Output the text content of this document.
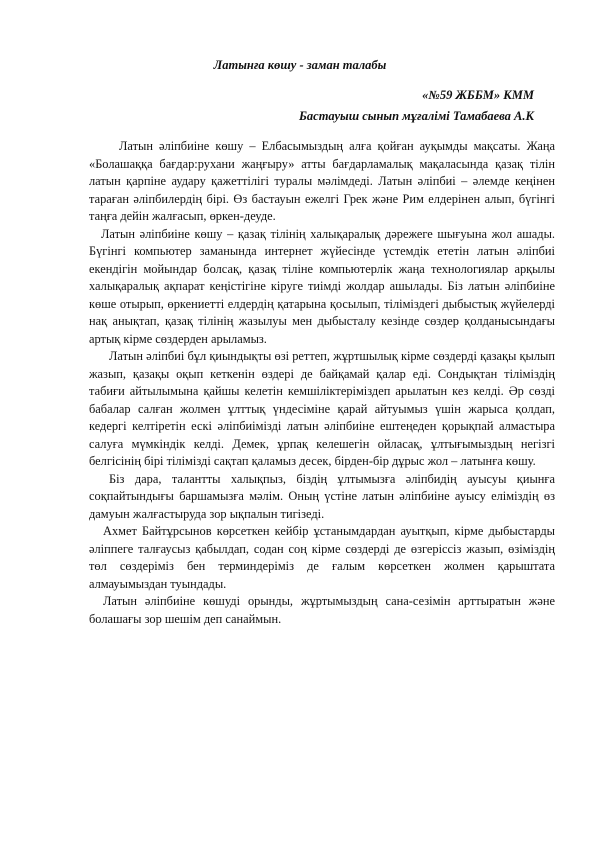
Латынға көшу - заман талабы

«№59 ЖББМ» КММ

Бастауыш сынып мұғалімі Тамабаева А.К

Латын әліпбиіне көшу – Елбасымыздың алға қойған ауқымды мақсаты. Жаңа «Болашаққа бағдар:рухани жаңғыру» атты бағдарламалық мақаласында қазақ тілін латын қарпіне аудару қажеттілігі туралы мәлімдеді. Латын әліпбиі – әлемде кеңінен тараған әліпбилердің бірі. Өз бастауын ежелгі Грек және Рим елдерінен алып, бүгінгі таңға дейін жалғасып, өркен-деуде.

Латын әліпбиіне көшу – қазақ тілінің халықаралық дәрежеге шығуына жол ашады. Бүгінгі компьютер заманында интернет жүйесінде үстемдік ететін латын әліпбиі екендігін мойындар болсақ, қазақ тіліне компьютерлік жаңа технологиялар арқылы халықаралық ақпарат кеңістігіне кіруге тиімді жолдар ашылады. Біз латын әліпбиіне көше отырып, өркениетті елдердің қатарына қосылып, тіліміздегі дыбыстық жүйелерді нақ анықтап, қазақ тілінің жазылуы мен дыбысталу кезінде сөздер қолданысындағы артық кірме сөздерден арыламыз.

Латын әліпбиі бұл қиындықты өзі реттеп, жұртшылық кірме сөздерді қазақы қылып жазып, қазақы оқып кеткенін өздері де байқамай қалар еді. Сондықтан тіліміздің табиғи айтылымына қайшы келетін кемшіліктеріміздеп арылатын кез келді. Әр сөзді бабалар салған жолмен ұлттық үндесіміне қарай айтуымыз үшін жарыса қолдап, кедергі келтіретін ескі әліпбиімізді латын әліпбиіне ештеңеден қорықпай алмастыра салуға мүмкіндік келді. Демек, ұрпақ келешегін ойласақ, ұлтығымыздың негізгі белгісінің бірі тілімізді сақтап қаламыз десек, бірден-бір дұрыс жол – латынға көшу.

Біз дара, талантты халықпыз, біздің ұлтымызға әліпбидің ауысуы қиынға соқпайтындығы баршамызға мәлім. Оның үстіне латын әліпбиіне ауысу еліміздің өз дамуын жалғастыруда зор ықпалын тигізеді.

Ахмет Байтұрсынов көрсеткен кейбір ұстанымдардан ауытқып, кірме дыбыстарды әліппеге талғаусыз қабылдап, содан соң кірме сөздерді де өзгеріссіз жазып, өзіміздің төл сөздеріміз бен терминдеріміз де ғалым көрсеткен жолмен қарыштата алмауымыздан туындады.

Латын әліпбиіне көшуді орынды, жұртымыздың сана-сезімін арттыратын және болашағы зор шешім деп санаймын.
